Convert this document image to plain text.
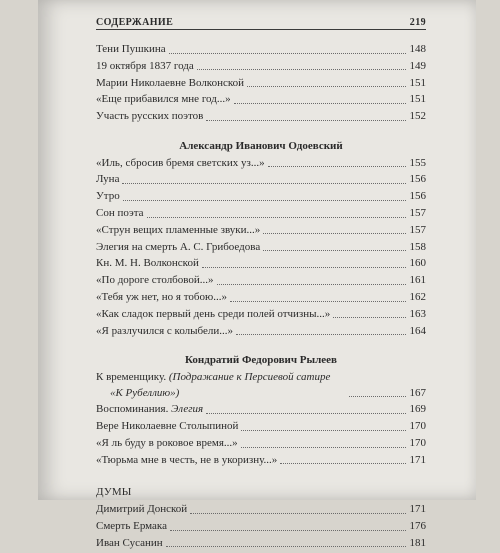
СОДЕРЖАНИЕ	219
Тени Пушкина	148
19 октября 1837 года	149
Марии Николаевне Волконской	151
«Еще прибавился мне год...»	151
Участь русских поэтов	152
Александр Иванович Одоевский
«Иль, сбросив бремя светских уз...»	155
Луна	156
Утро	156
Сон поэта	157
«Струн вещих пламенные звуки...»	157
Элегия на смерть А. С. Грибоедова	158
Кн. М. Н. Волконской	160
«По дороге столбовой...»	161
«Тебя уж нет, но я тобою...»	162
«Как сладок первый день среди полей отчизны...»	163
«Я разлучился с колыбели...»	164
Кондратий Федорович Рылеев
К временщику. (Подражание к Персиевой сатире
«К Рубеллию»)	167
Воспоминания. Элегия	169
Вере Николаевне Столыпиной	170
«Я ль буду в роковое время...»	170
«Тюрьма мне в честь, не в укоризну...»	171
ДУМЫ
Димитрий Донской	171
Смерть Ермака	176
Иван Сусанин	181
